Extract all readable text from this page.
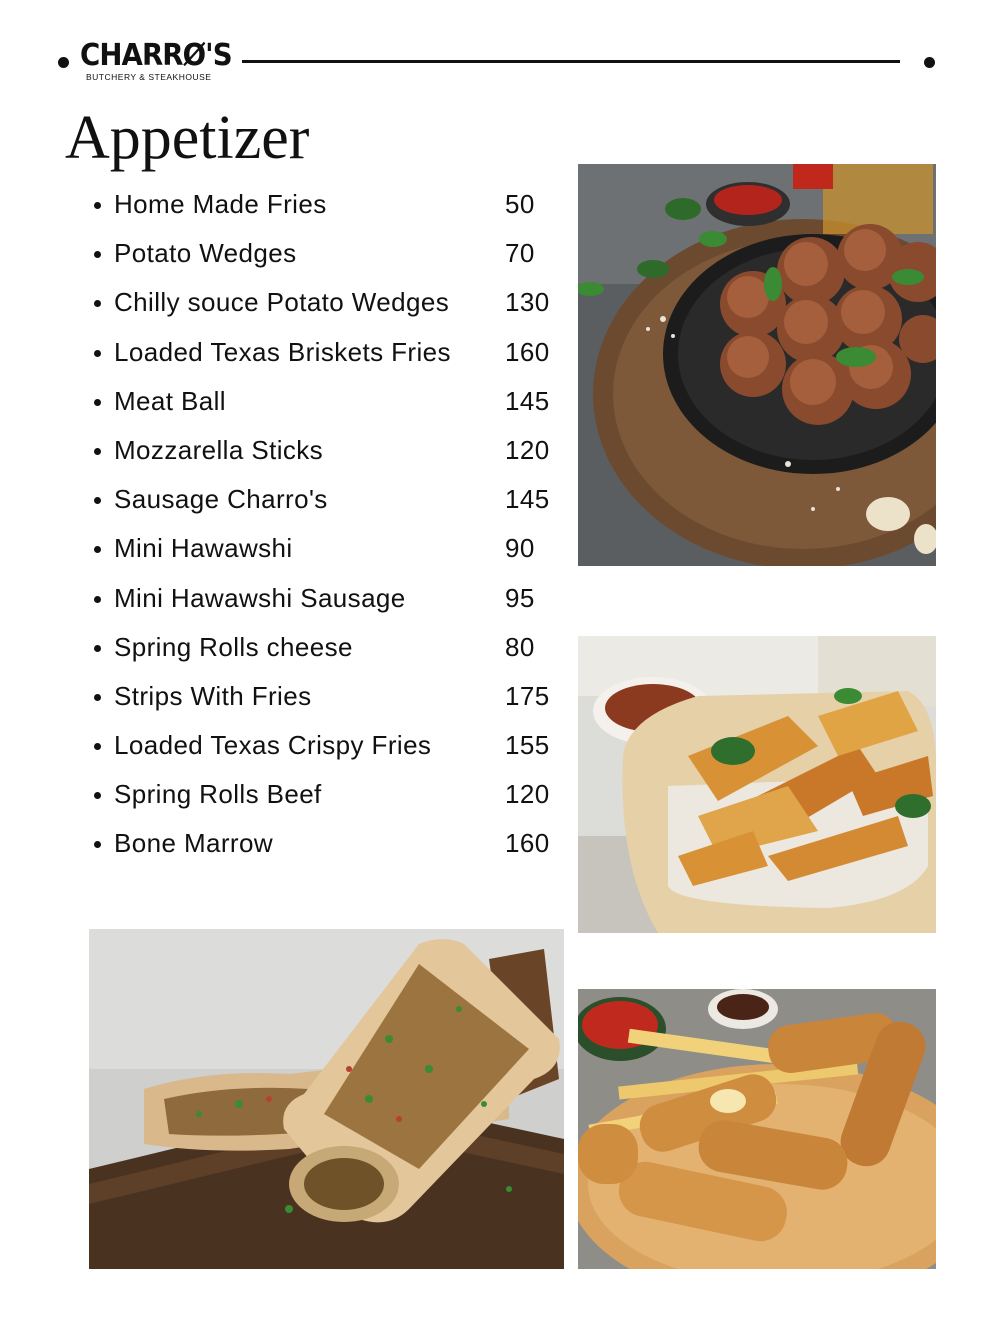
CHARRØ'S
BUTCHERY & STEAKHOUSE
Appetizer
Home Made Fries	50
Potato Wedges	70
Chilly souce Potato Wedges 130
Loaded Texas Briskets Fries 160
Meat Ball	145
Mozzarella Sticks	120
Sausage Charro's	145
Mini Hawawshi	90
Mini Hawawshi Sausage	95
Spring Rolls cheese	80
Strips With Fries	175
Loaded Texas Crispy Fries	155
Spring Rolls Beef	120
Bone Marrow	160
